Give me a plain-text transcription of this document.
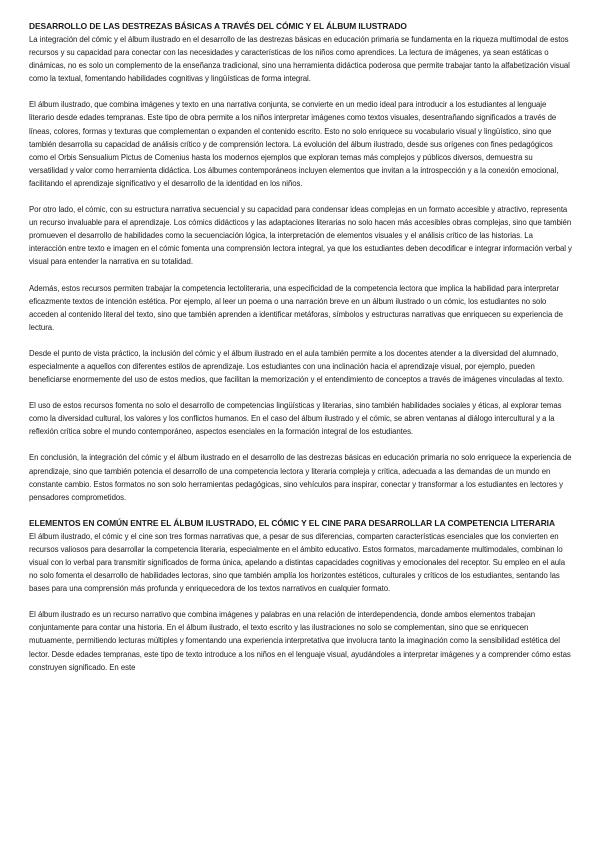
DESARROLLO DE LAS DESTREZAS BÁSICAS A TRAVÉS DEL CÓMIC Y EL ÁLBUM ILUSTRADO

La integración del cómic y el álbum ilustrado en el desarrollo de las destrezas básicas en educación primaria se fundamenta en la riqueza multimodal de estos recursos y su capacidad para conectar con las necesidades y características de los niños como aprendices. La lectura de imágenes, ya sean estáticas o dinámicas, no es solo un complemento de la enseñanza tradicional, sino una herramienta didáctica poderosa que permite trabajar tanto la alfabetización visual como la textual, fomentando habilidades cognitivas y lingüísticas de forma integral.

El álbum ilustrado, que combina imágenes y texto en una narrativa conjunta, se convierte en un medio ideal para introducir a los estudiantes al lenguaje literario desde edades tempranas. Este tipo de obra permite a los niños interpretar imágenes como textos visuales, desentrañando significados a través de líneas, colores, formas y texturas que complementan o expanden el contenido escrito. Esto no solo enriquece su vocabulario visual y lingüístico, sino que también desarrolla su capacidad de análisis crítico y de comprensión lectora. La evolución del álbum ilustrado, desde sus orígenes con fines pedagógicos como el Orbis Sensualium Pictus de Comenius hasta los modernos ejemplos que exploran temas más complejos y públicos diversos, demuestra su versatilidad y valor como herramienta didáctica. Los álbumes contemporáneos incluyen elementos que invitan a la introspección y a la conexión emocional, facilitando el aprendizaje significativo y el desarrollo de la identidad en los niños.

Por otro lado, el cómic, con su estructura narrativa secuencial y su capacidad para condensar ideas complejas en un formato accesible y atractivo, representa un recurso invaluable para el aprendizaje. Los cómics didácticos y las adaptaciones literarias no solo hacen más accesibles obras complejas, sino que también promueven el desarrollo de habilidades como la secuenciación lógica, la interpretación de elementos visuales y el análisis crítico de las historias. La interacción entre texto e imagen en el cómic fomenta una comprensión lectora integral, ya que los estudiantes deben decodificar e integrar información verbal y visual para entender la narrativa en su totalidad.

Además, estos recursos permiten trabajar la competencia lectoliteraria, una especificidad de la competencia lectora que implica la habilidad para interpretar eficazmente textos de intención estética. Por ejemplo, al leer un poema o una narración breve en un álbum ilustrado o un cómic, los estudiantes no solo acceden al contenido literal del texto, sino que también aprenden a identificar metáforas, símbolos y estructuras narrativas que enriquecen su experiencia de lectura.

Desde el punto de vista práctico, la inclusión del cómic y el álbum ilustrado en el aula también permite a los docentes atender a la diversidad del alumnado, especialmente a aquellos con diferentes estilos de aprendizaje. Los estudiantes con una inclinación hacia el aprendizaje visual, por ejemplo, pueden beneficiarse enormemente del uso de estos medios, que facilitan la memorización y el entendimiento de conceptos a través de imágenes vinculadas al texto.

El uso de estos recursos fomenta no solo el desarrollo de competencias lingüísticas y literarias, sino también habilidades sociales y éticas, al explorar temas como la diversidad cultural, los valores y los conflictos humanos. En el caso del álbum ilustrado y el cómic, se abren ventanas al diálogo intercultural y a la reflexión crítica sobre el mundo contemporáneo, aspectos esenciales en la formación integral de los estudiantes.

En conclusión, la integración del cómic y el álbum ilustrado en el desarrollo de las destrezas básicas en educación primaria no solo enriquece la experiencia de aprendizaje, sino que también potencia el desarrollo de una competencia lectora y literaria compleja y crítica, adecuada a las demandas de un mundo en constante cambio. Estos formatos no son solo herramientas pedagógicas, sino vehículos para inspirar, conectar y transformar a los estudiantes en lectores y pensadores comprometidos.

ELEMENTOS EN COMÚN ENTRE EL ÁLBUM ILUSTRADO, EL CÓMIC Y EL CINE PARA DESARROLLAR LA COMPETENCIA LITERARIA

El álbum ilustrado, el cómic y el cine son tres formas narrativas que, a pesar de sus diferencias, comparten características esenciales que los convierten en recursos valiosos para desarrollar la competencia literaria, especialmente en el ámbito educativo. Estos formatos, marcadamente multimodales, combinan lo visual con lo verbal para transmitir significados de forma única, apelando a distintas capacidades cognitivas y emocionales del receptor. Su empleo en el aula no solo fomenta el desarrollo de habilidades lectoras, sino que también amplía los horizontes estéticos, culturales y críticos de los estudiantes, sentando las bases para una comprensión más profunda y enriquecedora de los textos narrativos en cualquier formato.

El álbum ilustrado es un recurso narrativo que combina imágenes y palabras en una relación de interdependencia, donde ambos elementos trabajan conjuntamente para contar una historia. En el álbum ilustrado, el texto escrito y las ilustraciones no solo se complementan, sino que se enriquecen mutuamente, permitiendo lecturas múltiples y fomentando una experiencia interpretativa que involucra tanto la imaginación como la sensibilidad estética del lector. Desde edades tempranas, este tipo de texto introduce a los niños en el lenguaje visual, ayudándoles a interpretar imágenes y a comprender cómo estas construyen significado. En este
